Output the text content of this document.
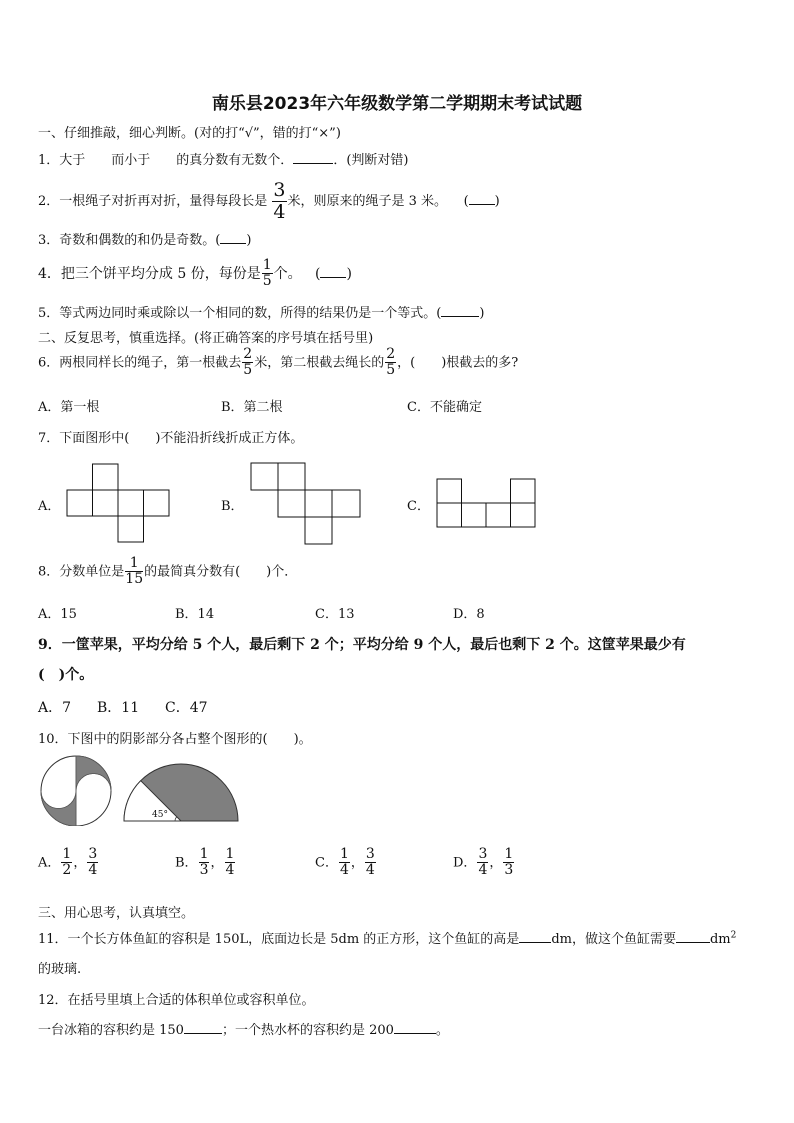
南乐县2023年六年级数学第二学期期末考试试题
一、仔细推敲，细心判断。(对的打“√”，错的打“×”)
1．大于 而小于 的真分数有无数个．	．(判断对错)
2．一根绳子对折再对折，量得每段长是 $\frac{3}{4}$ 米，则原来的绳子是 3 米。 ( )
3．奇数和偶数的和仍是奇数。( )
4．把三个饼平均分成 5 份，每份是 $\frac{1}{5}$ 个。 ( )
5．等式两边同时乘或除以一个相同的数，所得的结果仍是一个等式。(	)
二、反复思考，慎重选择。(将正确答案的序号填在括号里)
6．两根同样长的绳子，第一根截去 $\frac{2}{5}$ 米，第二根截去绳长的 $\frac{2}{5}$ ，(　　)根截去的多?
A．第一根	B．第二根	C．不能确定
7．下面图形中(　　)不能沿折线折成正方体。
A．	B．	C．
8．分数单位是 $\frac{1}{15}$ 的最简真分数有(　　)个．
A．15	B．14	C．13	D．8
9．一筐苹果，平均分给 5 个人，最后剩下 2 个；平均分给 9 个人，最后也剩下 2 个。这筐苹果最少有
(　)个。
A．7 B．11 C．47
10．下图中的阴影部分各占整个图形的(　　)。
45°
A． $\frac{1}{2}$ ， $\frac{3}{4}$	B． $\frac{1}{3}$ ， $\frac{1}{4}$	C． $\frac{1}{4}$ ， $\frac{3}{4}$	D． $\frac{3}{4}$ ， $\frac{1}{3}$
三、用心思考，认真填空。
11．一个长方体鱼缸的容积是 150L，底面边长是 5dm 的正方形，这个鱼缸的高是 dm，做这个鱼缸需要	$dm^2$
的玻璃.
12．在括号里填上合适的体积单位或容积单位。
一台冰箱的容积约是 150	；一个热水杯的容积约是 200	。
